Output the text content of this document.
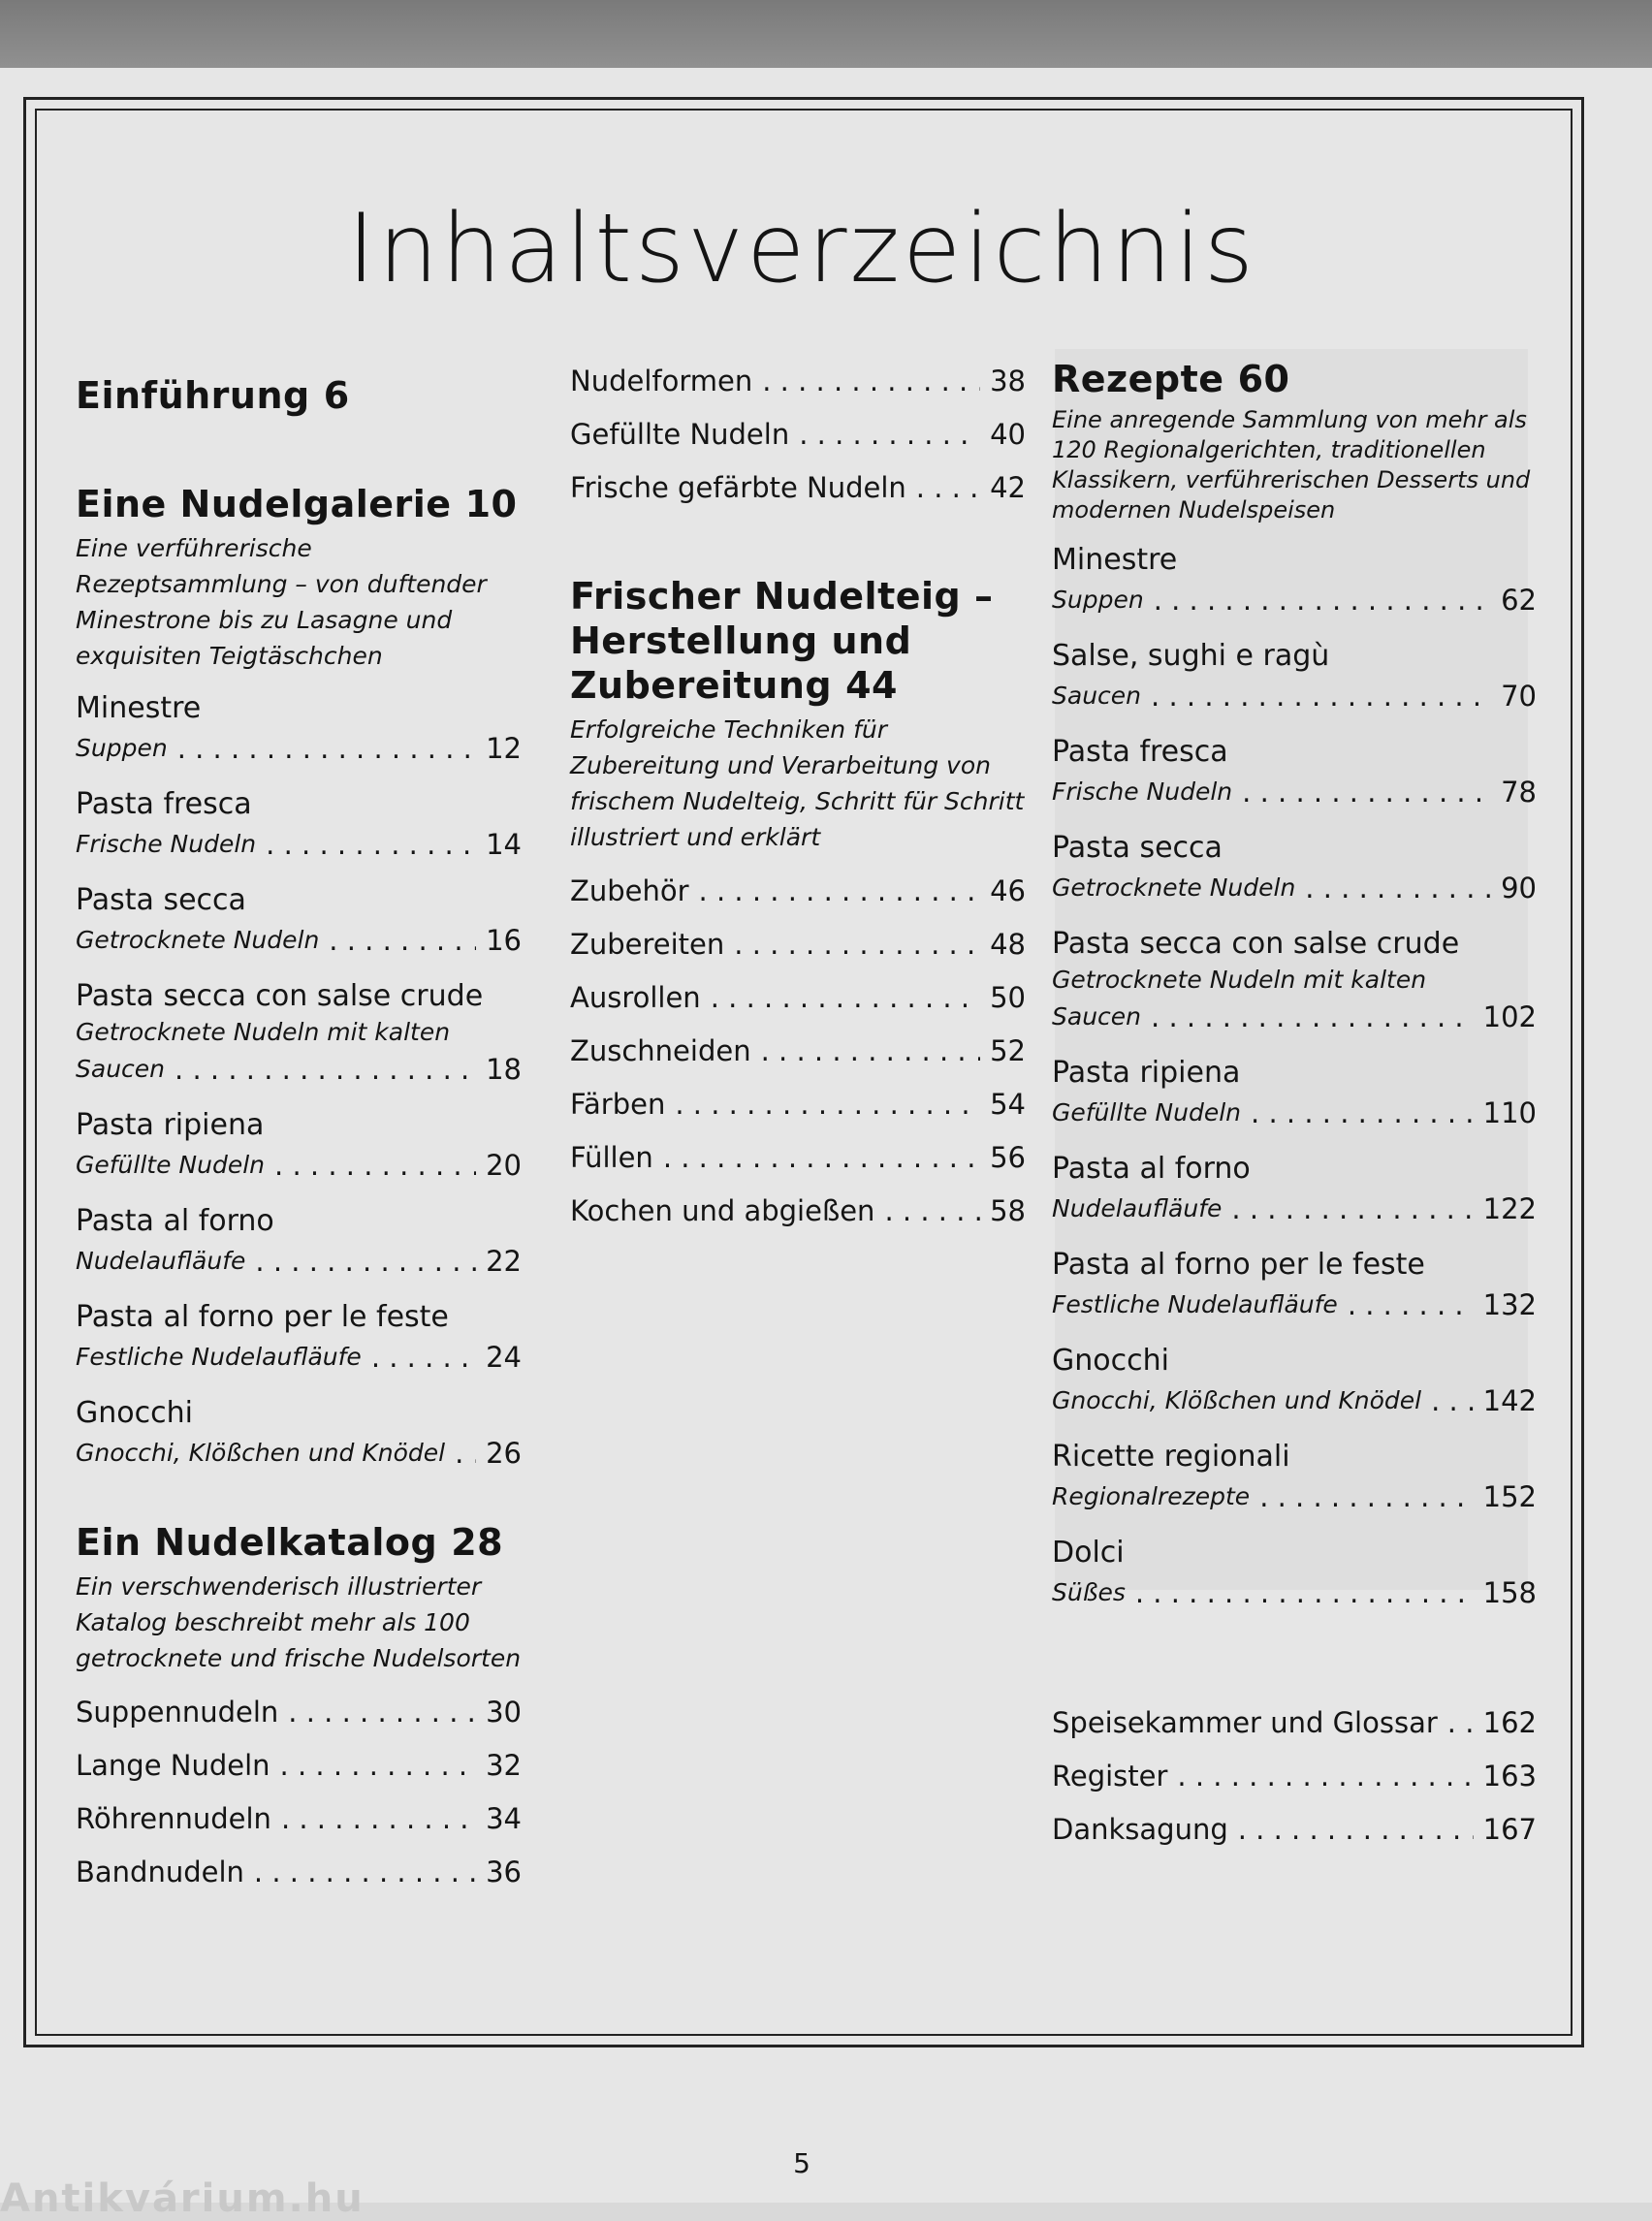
Inhaltsverzeichnis
Einführung 6
Eine Nudelgalerie 10
Eine verführerische Rezeptsammlung – von duftender Minestrone bis zu Lasagne und exquisiten Teigtäschchen
Minestre
Suppen . . .	12
Pasta fresca
Frische Nudeln . . .	14
Pasta secca
Getrocknete Nudeln . . .	16
Pasta secca con salse crude
Getrocknete Nudeln mit kalten
Saucen . . .	18
Pasta ripiena
Gefüllte Nudeln . . .	20
Pasta al forno
Nudelaufläufe . . .	22
Pasta al forno per le feste
Festliche Nudelaufläufe . . .	24
Gnocchi
Gnocchi, Klößchen und Knödel . . . 26
Ein Nudelkatalog 28
Ein verschwenderisch illustrierter Katalog beschreibt mehr als 100 getrocknete und frische Nudelsorten
Suppennudeln . . .	30
Lange Nudeln . . .	32
Röhrennudeln . . .	34
Bandnudeln . . .	36
Nudelformen . . .	38
Gefüllte Nudeln . . .	40
Frische gefärbte Nudeln . . .	42
Frischer Nudelteig –
Herstellung und
Zubereitung 44
Erfolgreiche Techniken für Zubereitung und Verarbeitung von frischem Nudelteig, Schritt für Schritt illustriert und erklärt
Zubehör . . .	46
Zubereiten . . .	48
Ausrollen . . .	50
Zuschneiden . . .	52
Färben . . .	54
Füllen . . .	56
Kochen und abgießen . . .	58
Rezepte 60
Eine anregende Sammlung von mehr als 120 Regionalgerichten, traditionellen Klassikern, verführerischen Desserts und modernen Nudelspeisen
Minestre
Suppen . . .	62
Salse, sughi e ragù
Saucen . . .	70
Pasta fresca
Frische Nudeln . . .	78
Pasta secca
Getrocknete Nudeln . . .	90
Pasta secca con salse crude
Getrocknete Nudeln mit kalten
Saucen . . .	102
Pasta ripiena
Gefüllte Nudeln . . .	110
Pasta al forno
Nudelaufläufe . . .	122
Pasta al forno per le feste
Festliche Nudelaufläufe . . .	132
Gnocchi
Gnocchi, Klößchen und Knödel . . . 142
Ricette regionali
Regionalrezepte . . .	152
Dolci
Süßes . . .	158
Speisekammer und Glossar . . . 162
Register . . .	163
Danksagung . . .	167
5
Antikvárium.hu
